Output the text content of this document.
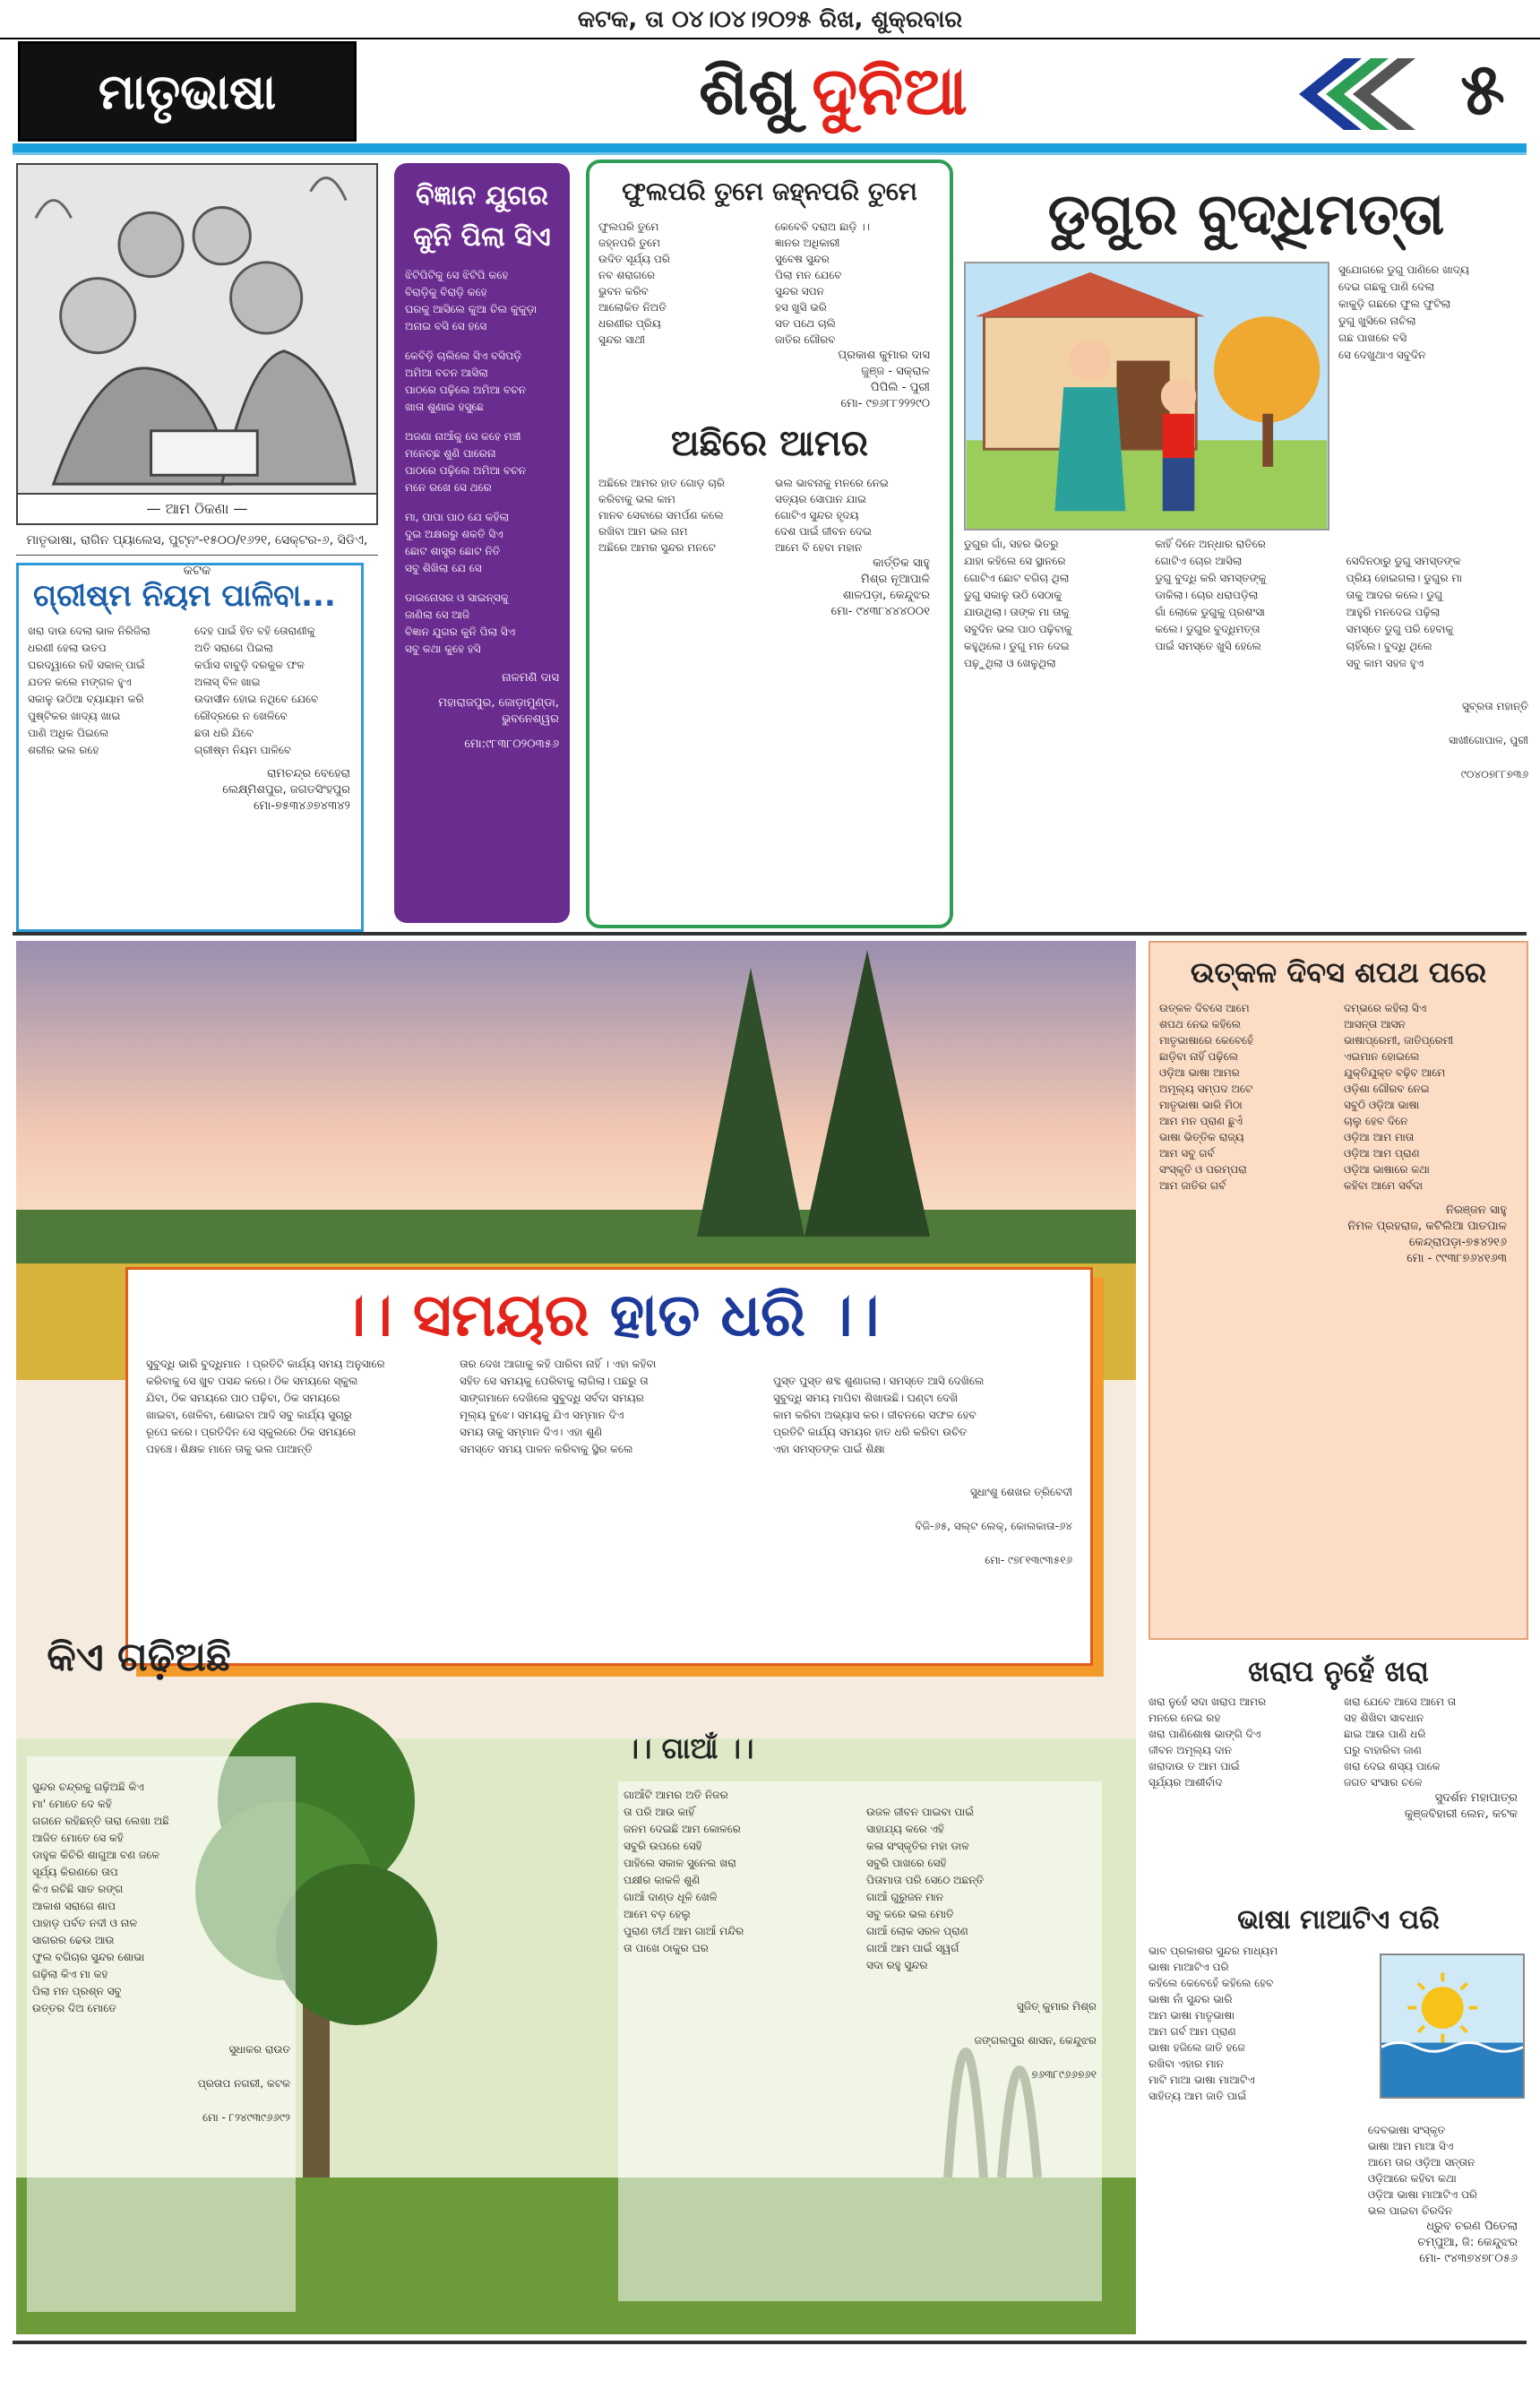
କଟକ, ତା ୦୪।୦୪।୨୦୨୫ ରିଖ, ଶୁକ୍ରବାର
ମାତୃଭାଷା	ଶିଶୁ ଦୁନିଆ	୫
— ଆମ ଠିକଣା —
ମାତୃଭାଷା, ରାଗିନ ପ୍ୟାଲେସ, ପୁଟ୍‌ନଂ-୧୫୦୦/୧୬୨୧, ସେକ୍ଟର-୬, ସିଡିଏ, କଟକ
ଗ୍ରୀଷ୍ମ ନିୟମ ପାଳିବା...
ଖରା ଦାଉ ଦେଲା ଭାଳ ନିରିଜିଲା
ଧରଣୀ ହେଲା ଉତପ
ଘରଦ୍ୱାରେ ରହି ସକାଳ୍ ପାଇଁ
ଯତନ କଲେ ମଙ୍ଗଳ ହୁଏ
ସକାଳୁ ଉଠିଆ ବ୍ୟାୟାମ କରି
ପୁଷ୍ଟିକର ଖାଦ୍ୟ ଖାଇ
ପାଣି ଅଧିକ ପିଇଲେ
ଶରୀର ଭଲ ରହେ
ଦେହ ପାଇଁ ହିତ ବହି ତୋରାଣୀକୁ
ଅତି ସରାଗେ ପିଇଲା
କର୍ପାସ ବାବୁଡ଼ି ଦରକୁଳ ଫଳ
ଅଳାସ୍ ବିଳ ଖାଇ
ଉଦାସୀନ ହୋଇ ନଥିବେ ଯେବେ
ରୌଦ୍ରରେ ନ ଖେଳିବେ
ଛତା ଧରି ଯିବେ
ଗ୍ରୀଷ୍ମ ନିୟମ ପାଳିବେ
ରାମଚନ୍ଦ୍ର ବେହେରା
ଲେକ୍ଷ୍ମିଶପୁର, ଜଗତସିଂହପୁର
ମୋ-୭୫୩୪୬୭୪୩୪୨
ବିଜ୍ଞାନ ଯୁଗର କୁନି ପିଲା ସିଏ

ଝିଟିପିଟିକୁ ସେ ଝିଟିପି କହେ
ବିରାଡ଼ିକୁ ବିରାଡ଼ି କହେ
ଘରକୁ ଆସିଲେ କୁଆ ଚିଲ କୁକୁଡ଼ା
ଅନାଇ ବସି ସେ ହସେ

କେବିଡ଼ି ଚାଲିଲେ ସିଏ ବସିପଡ଼ି
ଅମିଆ ବଚନ ଆସିଲା
ପାଠରେ ପଢ଼ିଲେ ଅମିଆ ବଚନ
ଖାତା ଶୁଣାଇ ହସୁଛେ

ଅଜଣା ନାଆଁକୁ ସେ କହେ ମଞ୍ଚୀ
ମନେଚ୍ଛ ଶୁଣି ପାରେନା
ପାଠରେ ପଢ଼ିଲେ ଅମିଆ ବଚନ
ମନେ ରଖେ ସେ ଥରେ

ମା, ପାପା ପାଠ ଯେ କହିଲା
ଦୁଇ ଅକ୍ଷରରୁ ଶକତି ସିଏ
ଛୋଟ ଶାସ୍ତ୍ର ଛୋଟ ନିତି
ସବୁ ଶିଖିଲା ଯେ ସେ

ଡାଇନୋସର ଓ ସାଇନ୍ସକୁ
ଜାଣିଲା ସେ ଆଜି
ବିଜ୍ଞାନ ଯୁଗର କୁନି ପିଲା ସିଏ
ସବୁ କଥା କୁହେ ହସି

ନାଳମଣି ଦାସ
ମହାରାଜପୁର, ଜୋଡ଼ାମୁଣ୍ଡା, ଭୁବନେଶ୍ୱର
ମୋ:୯୮୩୮୦୨୦୩୫୬
ଫୁଲପରି ତୁମେ ଜହ୍ନପରି ତୁମେ
ଫୁଲପରି ତୁମେ
ଜହ୍ନପରି ତୁମେ
ଉଦିତ ସୂର୍ଯ୍ୟ ପରି
ନବ ଶରାଗରେ
ଭୁବନ କରିବ
ଆଲୋକିତ ନିଅତି
ଧରଣୀର ପ୍ରିୟ
ସୁନ୍ଦର ସାଥୀ
କେବେବି ଦରାଅ ଛାଡ଼ି ।।
ଜ୍ଞାନର ଅଧିକାରୀ
ସୁବେଷ ସୁନ୍ଦର
ପିଲା ମନ ଯେବେ
ସୁନ୍ଦର ସପନ
ହସ ଖୁସି ଭରି
ସତ ପଥେ ଚାଲି
ଜାତିର ଗୌରବ
ପ୍ରକାଶ କୁମାର ଦାସ
ଜୁଞ୍ଜ - ସକ୍‌ରାଳ
ପିପିଲି - ପୁରୀ
ମୋ- ୯୭୬୮୮୨୨୨୯୦
ଅଛିରେ ଆମର
ଅଛିରେ ଆମର ହାତ ଗୋଡ଼ ଚାରି
କରିବାକୁ ଭଲ କାମ
ମାନବ ସେବାରେ ସମର୍ପଣ କଲେ
ରଖିବା ଆମ ଭଲ ନାମ
ଅଛିରେ ଆମର ସୁନ୍ଦର ମନଟେ
ଭଲ ଭାବନାକୁ ମନରେ ନେଇ
ସତ୍ୟର ସୋପାନ ଯାଇ
ଗୋଟିଏ ସୁନ୍ଦର ହୃଦୟ
ଦେଶ ପାଇଁ ଜୀବନ ଦେଇ
ଆମେ ବି ହେବା ମହାନ
କାର୍ତ୍ତିକ ସାହୁ
ମିଶ୍ର ନୂଆପାଳି
ଶାଳପଡ଼ା, କେନ୍ଦୁଝର
ମୋ- ୯୪୩୮୪୪୪୦୦୧
ଡୁଗୁର ବୁଦ୍ଧିମତ୍ତା
ସୁଯୋଗରେ ଡୁଗୁ ପାଣିରେ ଖାଦ୍ୟ
ଦେଇ ଗଛକୁ ପାଣି ଦେଲା
କାକୁଡ଼ି ଗଛରେ ଫୁଲ ଫୁଟିଲା
ଡୁଗୁ ଖୁସିରେ ନାଚିଲା
ଗଛ ପାଖରେ ବସି
ସେ ଦେଖୁଥାଏ ସବୁଦିନ
ଡୁଗୁର ଗାଁ, ସହର ଭିତରୁ
ଯାହା କହିଲେ ସେ ସ୍ଥାନରେ
ଗୋଟିଏ ଛୋଟ ବଗିଚା ଥିଲା
ଡୁଗୁ ସକାଳୁ ଉଠି ସେଠାକୁ
ଯାଉଥିଲା। ତାଙ୍କ ମା ତାକୁ
ସବୁଦିନ ଭଲ ପାଠ ପଢ଼ିବାକୁ
କହୁଥିଲେ। ଡୁଗୁ ମନ ଦେଇ
ପଢ଼ୁଥିଲା ଓ ଖେଳୁଥିଲା
କାହିଁ ଦିନେ ଅନ୍ଧାର ରାତିରେ
ଗୋଟିଏ ଚୋର ଆସିଲା
ଡୁଗୁ ବୁଦ୍ଧି କରି ସମସ୍ତଙ୍କୁ
ଡାକିଲା। ଚୋର ଧରାପଡ଼ିଲା
ଗାଁ ଲୋକେ ଡୁଗୁକୁ ପ୍ରଶଂସା
କଲେ। ଡୁଗୁର ବୁଦ୍ଧିମତ୍ତା
ପାଇଁ ସମସ୍ତେ ଖୁସି ହେଲେ

ସେଦିନଠାରୁ ଡୁଗୁ ସମସ୍ତଙ୍କ
ପ୍ରିୟ ହୋଇଗଲା। ଡୁଗୁର ମା
ତାକୁ ଆଦର କଲେ। ଡୁଗୁ
ଆହୁରି ମନଦେଇ ପଢ଼ିଲା
ସମସ୍ତେ ଡୁଗୁ ପରି ହେବାକୁ
ଚାହିଁଲେ। ବୁଦ୍ଧି ଥିଲେ
ସବୁ କାମ ସହଜ ହୁଏ

ସୁବ୍ରତା ମହାନ୍ତି

ସାଖୀଗୋପାଳ, ପୁରୀ

୯୦୪୦୭୮୮୭୩୬

।। ସମୟର ହାତ ଧରି ।।
ସୁବୁଦ୍ଧି ଭାରି ବୁଦ୍ଧିମାନ । ପ୍ରତିଟି କାର୍ଯ୍ୟ ସମୟ ଅନୁସାରେ
କରିବାକୁ ସେ ଖୁବ ପସନ୍ଦ କରେ। ଠିକ ସମୟରେ ସ୍କୁଲ
ଯିବା, ଠିକ ସମୟରେ ପାଠ ପଢ଼ିବା, ଠିକ ସମୟରେ
ଖାଇବା, ଖେଳିବା, ଶୋଇବା ଆଦି ସବୁ କାର୍ଯ୍ୟ ସୁଚାରୁ
ରୂପେ କରେ। ପ୍ରତିଦିନ ସେ ସ୍କୁଲରେ ଠିକ ସମୟରେ
ପହଞ୍ଚେ। ଶିକ୍ଷକ ମାନେ ତାକୁ ଭଲ ପାଆନ୍ତି
ତାର ଦେଖ ଆଗାକୁ କହି ପାରିବା ନାହିଁ । ଏହା କହିବା
ସହିତ ସେ ସମୟକୁ ପେରିବାକୁ ଲାଗିଲା। ପଛରୁ ତା
ସାଙ୍ଗମାନେ ଦେଖିଲେ ସୁବୁଦ୍ଧି ସର୍ବଦା ସମୟର
ମୂଲ୍ୟ ବୁଝେ। ସମୟକୁ ଯିଏ ସମ୍ମାନ ଦିଏ
ସମୟ ତାକୁ ସମ୍ମାନ ଦିଏ। ଏହା ଶୁଣି
ସମସ୍ତେ ସମୟ ପାଳନ କରିବାକୁ ସ୍ଥିର କଲେ

ପୁସ୍ତ ପୁସ୍ତ ଶବ୍ଦ ଶୁଣାଗଲା। ସମସ୍ତେ ଆସି ଦେଖିଲେ
ସୁବୁଦ୍ଧି ସମୟ ମାପିବା ଶିଖାଉଛି। ଘଣ୍ଟା ଦେଖି
କାମ କରିବା ଅଭ୍ୟାସ କର। ଜୀବନରେ ସଫଳ ହେବ
ପ୍ରତିଟି କାର୍ଯ୍ୟ ସମୟର ହାତ ଧରି କରିବା ଉଚିତ
ଏହା ସମସ୍ତଙ୍କ ପାଇଁ ଶିକ୍ଷା

ସୁଧାଂଶୁ ଶେଖର ତ୍ରିବେଦୀ

ବିଜି-୬୫, ସଲ୍ଟ ଲେକ୍, କୋଲକାତା-୬୪

ମୋ- ୯୭୮୧୩୯୩୫୧୬

କିଏ ଗଢ଼ିଅଛି

ସୁନ୍ଦର ଚନ୍ଦ୍ରକୁ ଗଢ଼ିଅଛି କିଏ
ମା' ମୋତେ ଦେ କହି
ଗଗନେ ରହିଛନ୍ତି ତାରା ଲେଖା ଅଛି
ଆଜିତ ମୋତେ ସେ କହି
ଡାହୁକ କିଚିରି ଶାଗୁଆ ବଣ ଜଳେ
ସୂର୍ଯ୍ୟ କିରଣରେ ତାପ
କିଏ ରଚିଛି ସାତ ରଙ୍ଗ
ଆକାଶ ସରାଗେ ଶାପ
ପାହାଡ଼ ପର୍ବତ ନଦୀ ଓ ନାଳ
ସାଗରର ଢେଉ ଆଉ
ଫୁଲ ବଗିଚାର ସୁନ୍ଦର ଶୋଭା
ଗଢ଼ିଲା କିଏ ମା କହ
ପିଲା ମନ ପ୍ରଶ୍ନ ସବୁ
ଉତ୍ତର ଦିଅ ମୋତେ

ସୁଧାକର ରାଉତ

ପ୍ରତାପ ନଗରୀ, କଟକ

ମୋ - ୮୨୪୯୩୯୬୬୯୨

।। ଗାଆଁ ।।
ଗାଆଁଟି ଆମର ଅତି ନିଜର
ତା ପରି ଆଉ କାହିଁ
ଜନମ ଦେଇଛି ଆମ କୋଳରେ
ସବୁରି ଉପରେ ସେହି
ପାହିଲେ ସକାଳ ସୁନେଲ ଖରା
ପକ୍ଷୀର କାକଳି ଶୁଣି
ଗାଆଁ ଦାଣ୍ଡ ଧୂଳି ଖେଳି
ଆମେ ବଡ଼ ହେଲୁ
ପୁରାଣ ତୀର୍ଥ ଆମ ଗାଆଁ ମନ୍ଦିର
ତା ପାଖେ ଠାକୁର ଘର

ଉଜଳ ଜୀବନ ପାଇବା ପାଇଁ
ସାହାଯ୍ୟ କରେ ଏହି
କଳା ସଂସ୍କୃତିର ମହା ଡାଳ
ସବୁରି ପାଖରେ ସେହି
ପିତାମାତା ପରି ସେଠେ ଅଛନ୍ତି
ଗାଆଁ ଗୁରୁଜନ ମାନ
ସବୁ କରେ ଭଲ ମୋତି
ଗାଆଁ ଲୋକ ସରଳ ପ୍ରାଣ
ଗାଆଁ ଆମ ପାଇଁ ସ୍ୱର୍ଗ
ସଦା ରହୁ ସୁନ୍ଦର

ସୁଜିତ୍ କୁମାର ମିଶ୍ର

ଜଙ୍ଗଲପୁର ଶାସନ, କେନ୍ଦୁଝର

୭୬୩୮୯୬୬୭୬୧

ଉତ୍କଳ ଦିବସ ଶପଥ ପରେ
ଉତ୍କଳ ଦିବସେ ଆମେ
ଶପଥ ନେଇ କହିଲେ
ମାତୃଭାଷାରେ କେବେହେଁ
ଛାଡ଼ିବା ନାହିଁ ପଢ଼ିଲେ
ଓଡ଼ିଆ ଭାଷା ଆମର
ଅମୂଲ୍ୟ ସମ୍ପଦ ଅଟେ
ମାତୃଭାଷା ଭାରି ମିଠା
ଆମ ମନ ପ୍ରାଣ ଛୁଏଁ
ଭାଷା ଭିତ୍ତିକ ରାଜ୍ୟ
ଆମ ସବୁ ଗର୍ବ
ସଂସ୍କୃତି ଓ ପରମ୍ପରା
ଆମ ଜାତିର ଗର୍ବ
ଦମ୍ଭରେ କହିଲା ସିଏ
ଆସନ୍ତା ଆସନ
ଭାଷାପ୍ରେମୀ, ଜାତିପ୍ରେମୀ
ଏଇମାନ ହୋଇଲେ
ଯୁକ୍ତିଯୁକ୍ତ ବଢ଼ିବ ଆମେ
ଓଡ଼ିଶା ଗୌରବ ନେଇ
ସବୁଠି ଓଡ଼ିଆ ଭାଷା
ଚାଲୁ ହେବ ଦିନେ
ଓଡ଼ିଆ ଆମ ମାତା
ଓଡ଼ିଆ ଆମ ପ୍ରାଣ
ଓଡ଼ିଆ ଭାଷାରେ କଥା
କହିବା ଆମେ ସର୍ବଦା
ନିରଞ୍ଜନ ସାହୁ
ନିମଳ ପ୍ରହରାଜ, କଟିଲିଆ ପାତପାଳ
କେନ୍ଦ୍ରାପଡ଼ା-୭୫୪୨୧୬
ମୋ - ୯୯୩୮୭୬୪୧୬୩
ଖରାପ ନୁହେଁ ଖରା
ଖରା ନୁହେଁ ସଦା ଖରାପ ଆମର
ମନରେ ନେଇ ରହ
ଖରା ପାଣିଶୋଷ ଭାଙ୍ଗି ଦିଏ
ଜୀବନ ଅମୂଲ୍ୟ ଦାନ
ଖରାଦାଉ ତ ଆମ ପାଇଁ
ସୂର୍ଯ୍ୟର ଆଶୀର୍ବାଦ
ଖରା ଯେବେ ଆସେ ଆମେ ତା
ସହ ଶିଖିବା ସାବଧାନ
ଛାଇ ଆଉ ପାଣି ଧରି
ଘରୁ ବାହାରିବା ଜାଣ
ଖରା ଦେଇ ଶସ୍ୟ ପାକେ
ଜଗତ ସଂସାର ଚଳେ
ସୁଦର୍ଶନ ମହାପାତ୍ର
କୁଞ୍ଜବିହାରୀ ଲେନ, କଟକ
ଭାଷା ମାଆଟିଏ ପରି
ଭାବ ପ୍ରକାଶର ସୁନ୍ଦର ମାଧ୍ୟମ
ଭାଷା ମାଆଟିଏ ପରି
କହିଲେ କେବେହେଁ କହିଲେ ହେବ
ଭାଷା ନାଁ ସୁନ୍ଦର ଭାରି
ଆମ ଭାଷା ମାତୃଭାଷା
ଆମ ଗର୍ବ ଆମ ପ୍ରାଣ
ଭାଷା ହଜିଲେ ଜାତି ହଜେ
ରଖିବା ଏହାର ମାନ
ମାଟି ମାଆ ଭାଷା ମାଆଟିଏ
ସାହିତ୍ୟ ଆମ ଜାତି ପାଇଁ
ଦେବଭାଷା ସଂସ୍କୃତ
ଭାଷା ଆମ ମାଆ ସିଏ
ଆମେ ତାର ଓଡ଼ିଆ ସନ୍ତାନ
ଓଡ଼ିଆରେ କହିବା କଥା
ଓଡ଼ିଆ ଭାଷା ମାଆଟିଏ ପରି
ଭଲ ପାଇବା ଚିରଦିନ
ଧ୍ରୁବ ଚରଣ ପିତେଲା
ଚମ୍ପୁଆ, ଜି: କେନ୍ଦୁଝର
ମୋ- ୯୪୩୭୪୭୮୦୫୬
